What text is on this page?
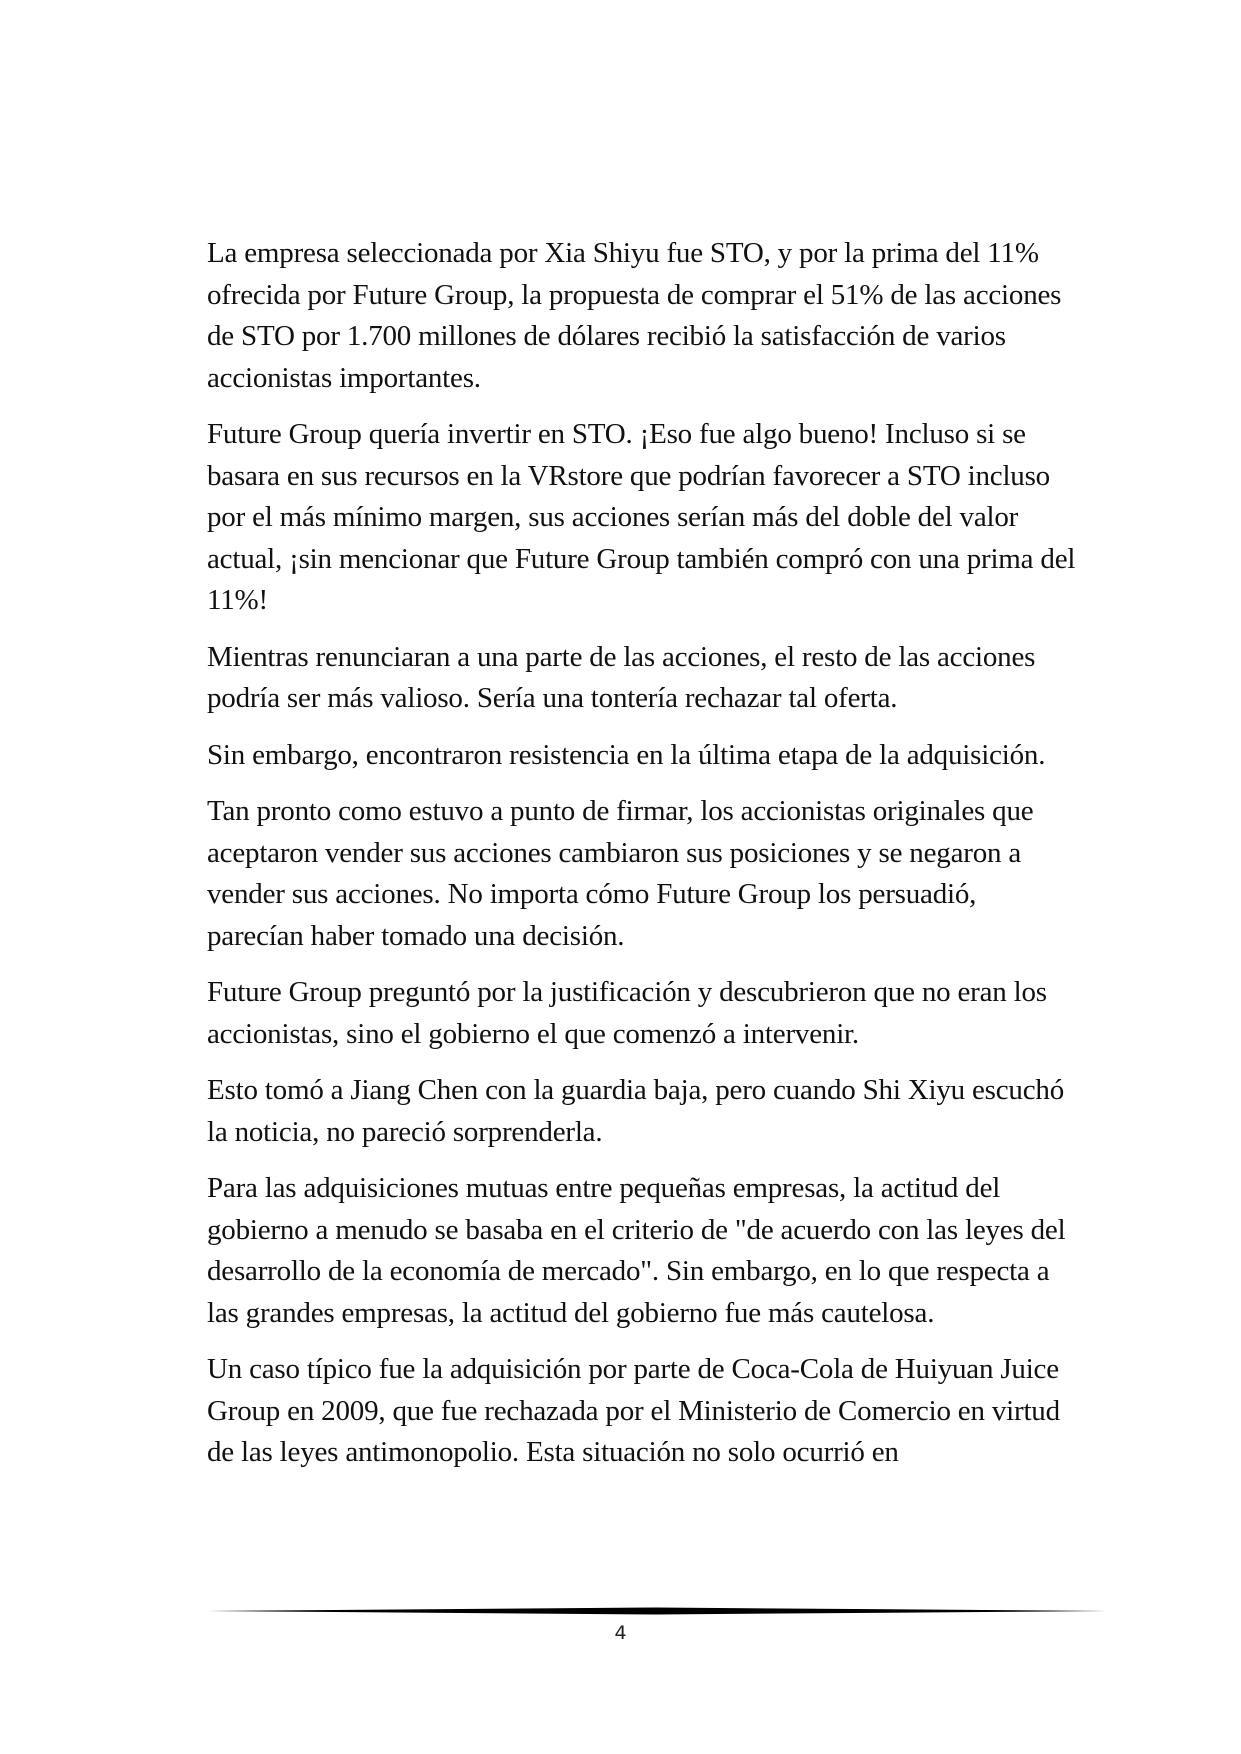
La empresa seleccionada por Xia Shiyu fue STO, y por la prima del 11% ofrecida por Future Group, la propuesta de comprar el 51% de las acciones de STO por 1.700 millones de dólares recibió la satisfacción de varios accionistas importantes.

Future Group quería invertir en STO. ¡Eso fue algo bueno! Incluso si se basara en sus recursos en la VRstore que podrían favorecer a STO incluso por el más mínimo margen, sus acciones serían más del doble del valor actual, ¡sin mencionar que Future Group también compró con una prima del 11%!

Mientras renunciaran a una parte de las acciones, el resto de las acciones podría ser más valioso. Sería una tontería rechazar tal oferta.

Sin embargo, encontraron resistencia en la última etapa de la adquisición.

Tan pronto como estuvo a punto de firmar, los accionistas originales que aceptaron vender sus acciones cambiaron sus posiciones y se negaron a vender sus acciones. No importa cómo Future Group los persuadió, parecían haber tomado una decisión.

Future Group preguntó por la justificación y descubrieron que no eran los accionistas, sino el gobierno el que comenzó a intervenir.

Esto tomó a Jiang Chen con la guardia baja, pero cuando Shi Xiyu escuchó la noticia, no pareció sorprenderla.

Para las adquisiciones mutuas entre pequeñas empresas, la actitud del gobierno a menudo se basaba en el criterio de "de acuerdo con las leyes del desarrollo de la economía de mercado". Sin embargo, en lo que respecta a las grandes empresas, la actitud del gobierno fue más cautelosa.

Un caso típico fue la adquisición por parte de Coca-Cola de Huiyuan Juice Group en 2009, que fue rechazada por el Ministerio de Comercio en virtud de las leyes antimonopolio. Esta situación no solo ocurrió en

4
